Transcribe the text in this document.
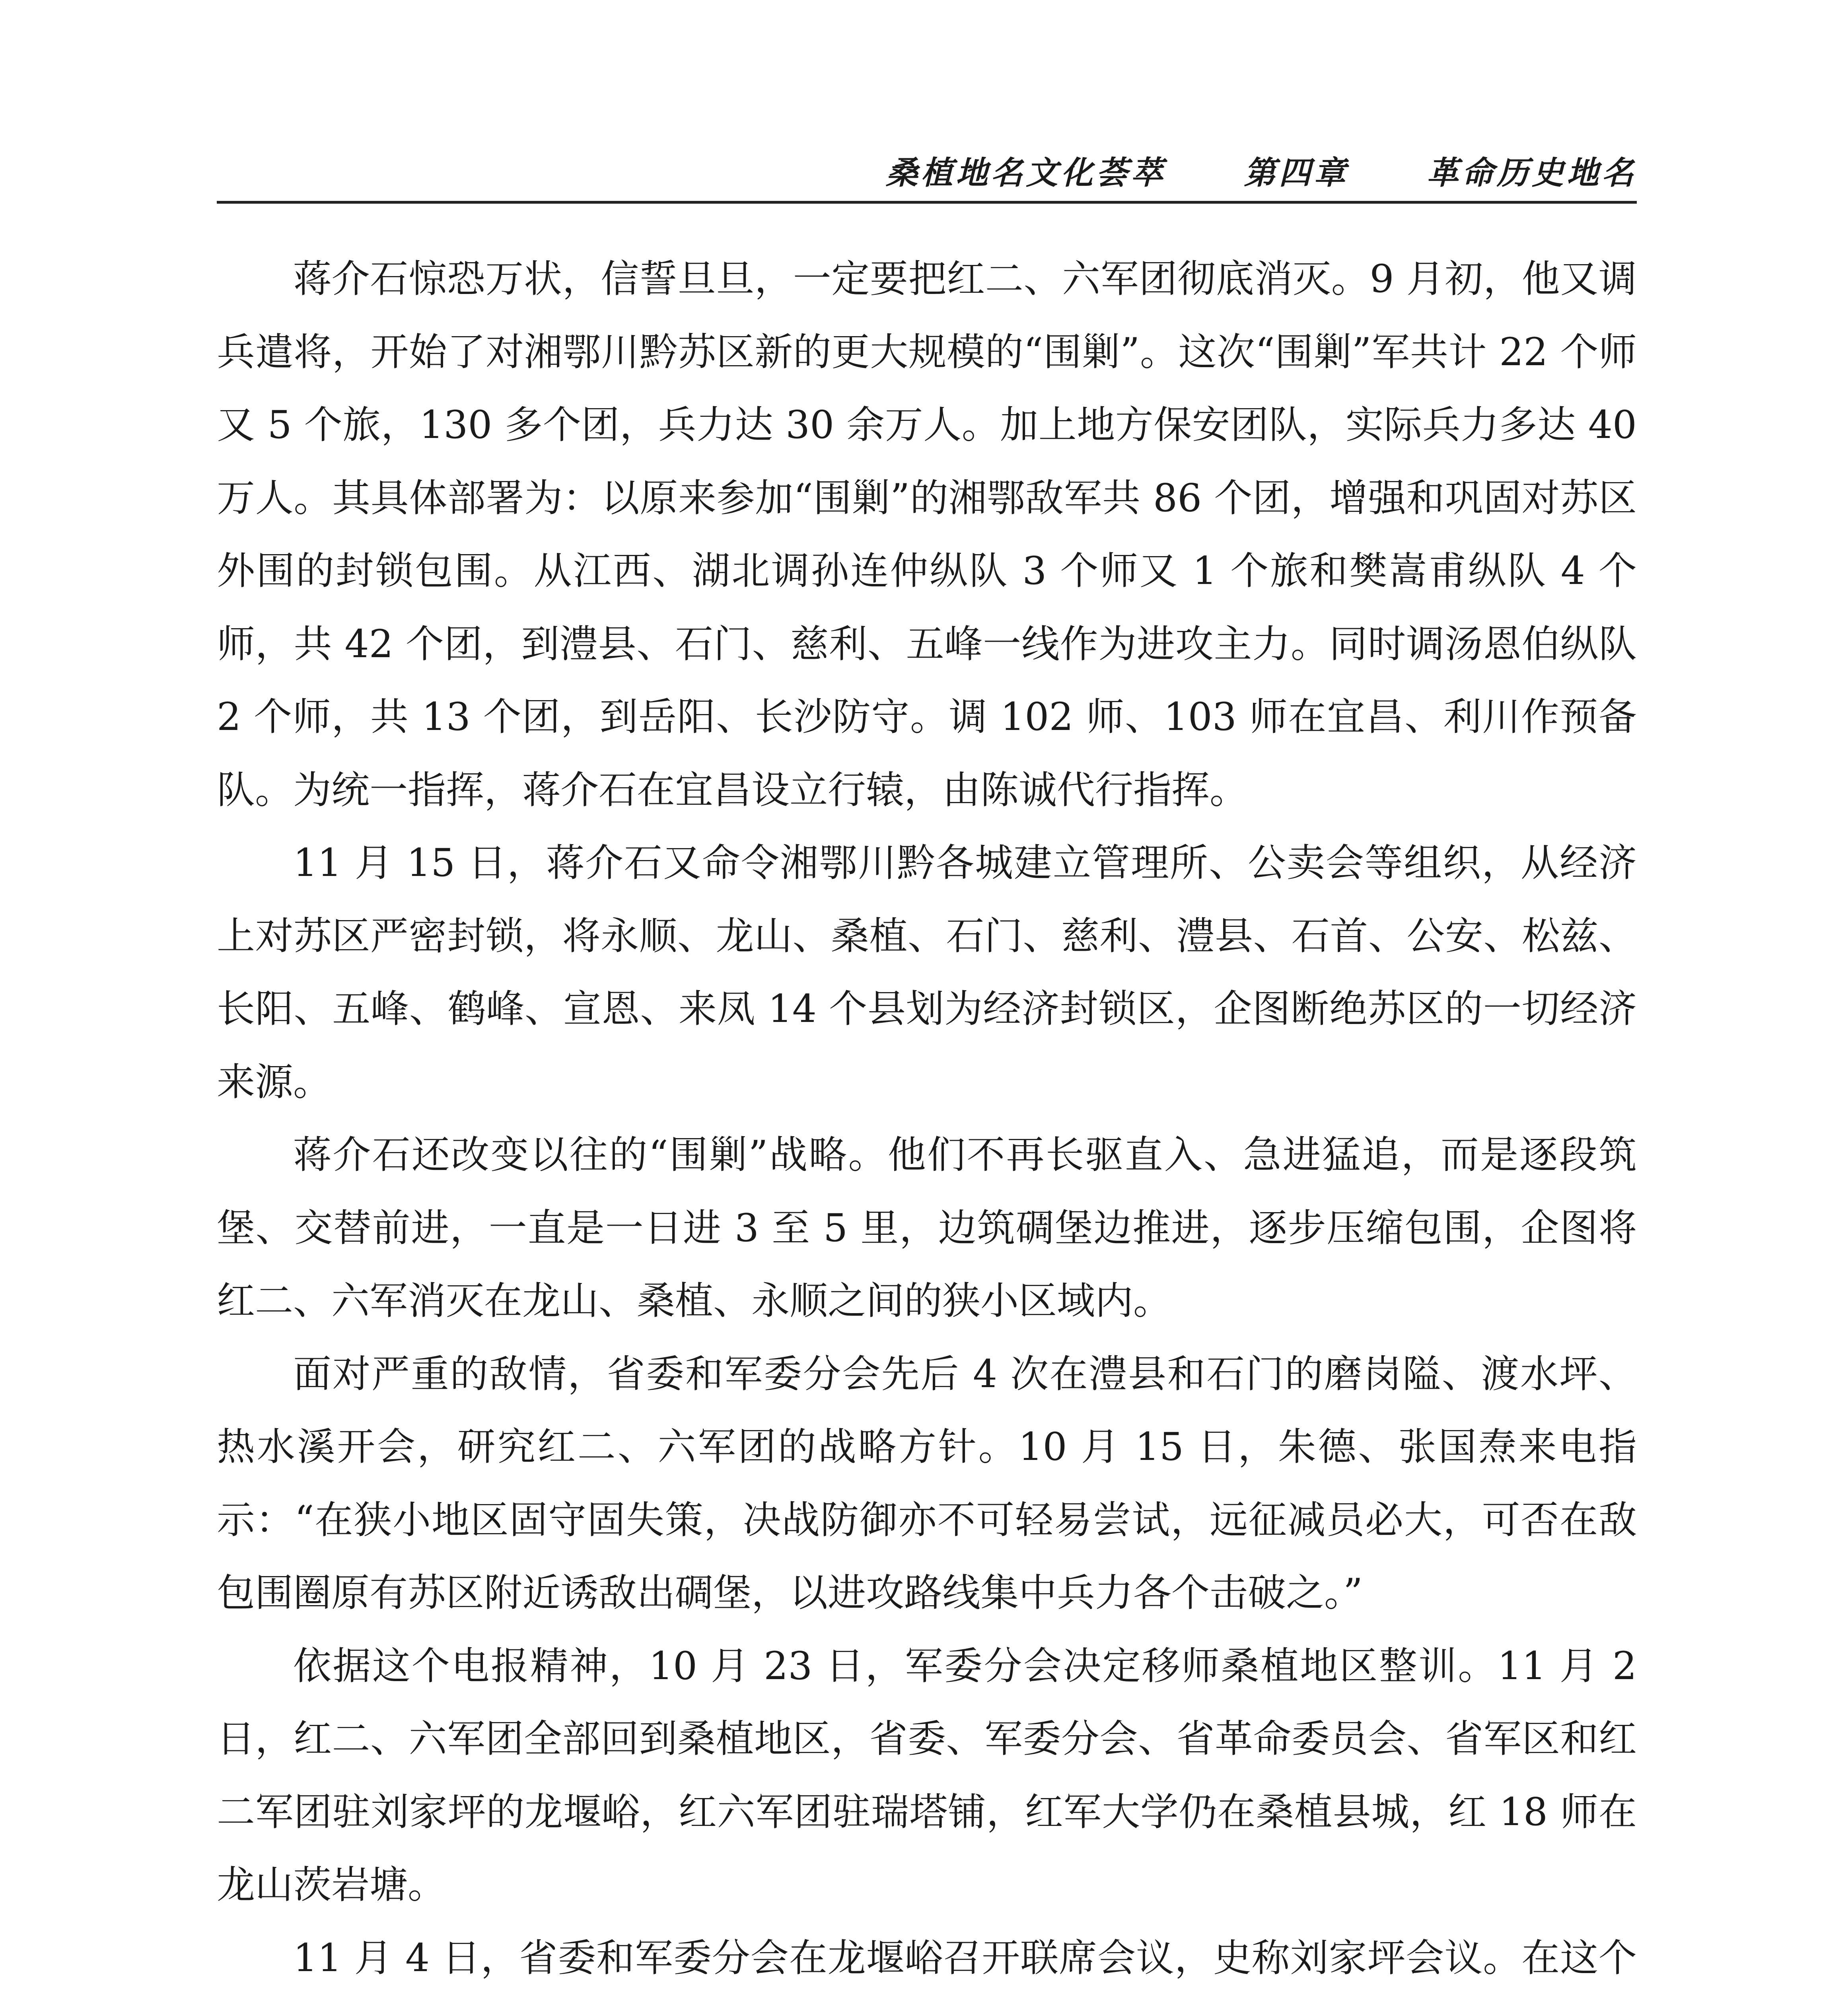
桑植地名文化荟萃 第四章 革命历史地名

蒋介石惊恐万状，信誓旦旦，一定要把红二、六军团彻底消灭。9 月初，他又调兵遣将，开始了对湘鄂川黔苏区新的更大规模的“围剿”。这次“围剿”军共计 22 个师又 5 个旅，130 多个团，兵力达 30 余万人。加上地方保安团队，实际兵力多达 40 万人。其具体部署为：以原来参加“围剿”的湘鄂敌军共 86 个团，增强和巩固对苏区外围的封锁包围。从江西、湖北调孙连仲纵队 3 个师又 1 个旅和樊嵩甫纵队 4 个师，共 42 个团，到澧县、石门、慈利、五峰一线作为进攻主力。同时调汤恩伯纵队 2 个师，共 13 个团，到岳阳、长沙防守。调 102 师、103 师在宜昌、利川作预备队。为统一指挥，蒋介石在宜昌设立行辕，由陈诚代行指挥。

11 月 15 日，蒋介石又命令湘鄂川黔各城建立管理所、公卖会等组织，从经济上对苏区严密封锁，将永顺、龙山、桑植、石门、慈利、澧县、石首、公安、松兹、长阳、五峰、鹤峰、宣恩、来凤 14 个县划为经济封锁区，企图断绝苏区的一切经济来源。

蒋介石还改变以往的“围剿”战略。他们不再长驱直入、急进猛追，而是逐段筑堡、交替前进，一直是一日进 3 至 5 里，边筑碉堡边推进，逐步压缩包围，企图将红二、六军消灭在龙山、桑植、永顺之间的狭小区域内。

面对严重的敌情，省委和军委分会先后 4 次在澧县和石门的磨岗隘、渡水坪、热水溪开会，研究红二、六军团的战略方针。10 月 15 日，朱德、张国焘来电指示：“在狭小地区固守固失策，决战防御亦不可轻易尝试，远征减员必大，可否在敌包围圈原有苏区附近诱敌出碉堡，以进攻路线集中兵力各个击破之。”

依据这个电报精神，10 月 23 日，军委分会决定移师桑植地区整训。11 月 2 日，红二、六军团全部回到桑植地区，省委、军委分会、省革命委员会、省军区和红二军团驻刘家坪的龙堰峪，红六军团驻瑞塔铺，红军大学仍在桑植县城，红 18 师在龙山茨岩塘。

11 月 4 日，省委和军委分会在龙堰峪召开联席会议，史称刘家坪会议。在这个
